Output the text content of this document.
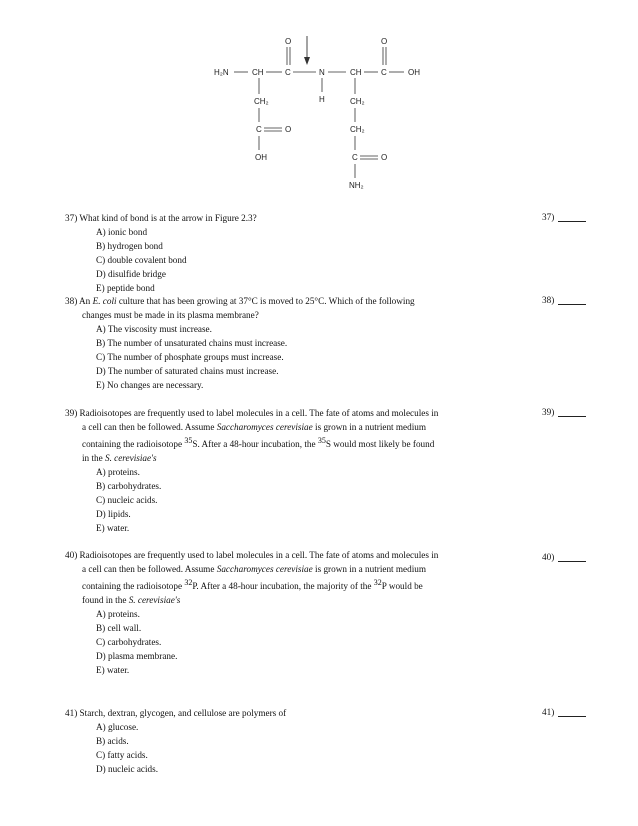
H₂N	CH	C	N	CH C	OH
O	O
H
CH₂
C	O
OH
CH₂
CH₂
C	O
NH₂

37) What kind of bond is at the arrow in Figure 2.3?

A) ionic bond
B) hydrogen bond
C) double covalent bond
D) disulfide bridge
E) peptide bond
37)

38) An E. coli culture that has been growing at 37°C is moved to 25°C. Which of the following
changes must be made in its plasma membrane?

A) The viscosity must increase.
B) The number of unsaturated chains must increase.
C) The number of phosphate groups must increase.
D) The number of saturated chains must increase.
E) No changes are necessary.
38)

39) Radioisotopes are frequently used to label molecules in a cell. The fate of atoms and molecules in
a cell can then be followed. Assume Saccharomyces cerevisiae is grown in a nutrient medium
containing the radioisotope $^{35}$S. After a 48-hour incubation, the $^{35}$S would most likely be found
in the S. cerevisiae's

A) proteins.
B) carbohydrates.
C) nucleic acids.
D) lipids.
E) water.
39)

40) Radioisotopes are frequently used to label molecules in a cell. The fate of atoms and molecules in
a cell can then be followed. Assume Saccharomyces cerevisiae is grown in a nutrient medium
containing the radioisotope $^{32}$P. After a 48-hour incubation, the majority of the $^{32}$P would be
found in the S. cerevisiae's

A) proteins.
B) cell wall.
C) carbohydrates.
D) plasma membrane.
E) water.
40)

41) Starch, dextran, glycogen, and cellulose are polymers of

A) glucose.
B) acids.
C) fatty acids.
D) nucleic acids.
41)
